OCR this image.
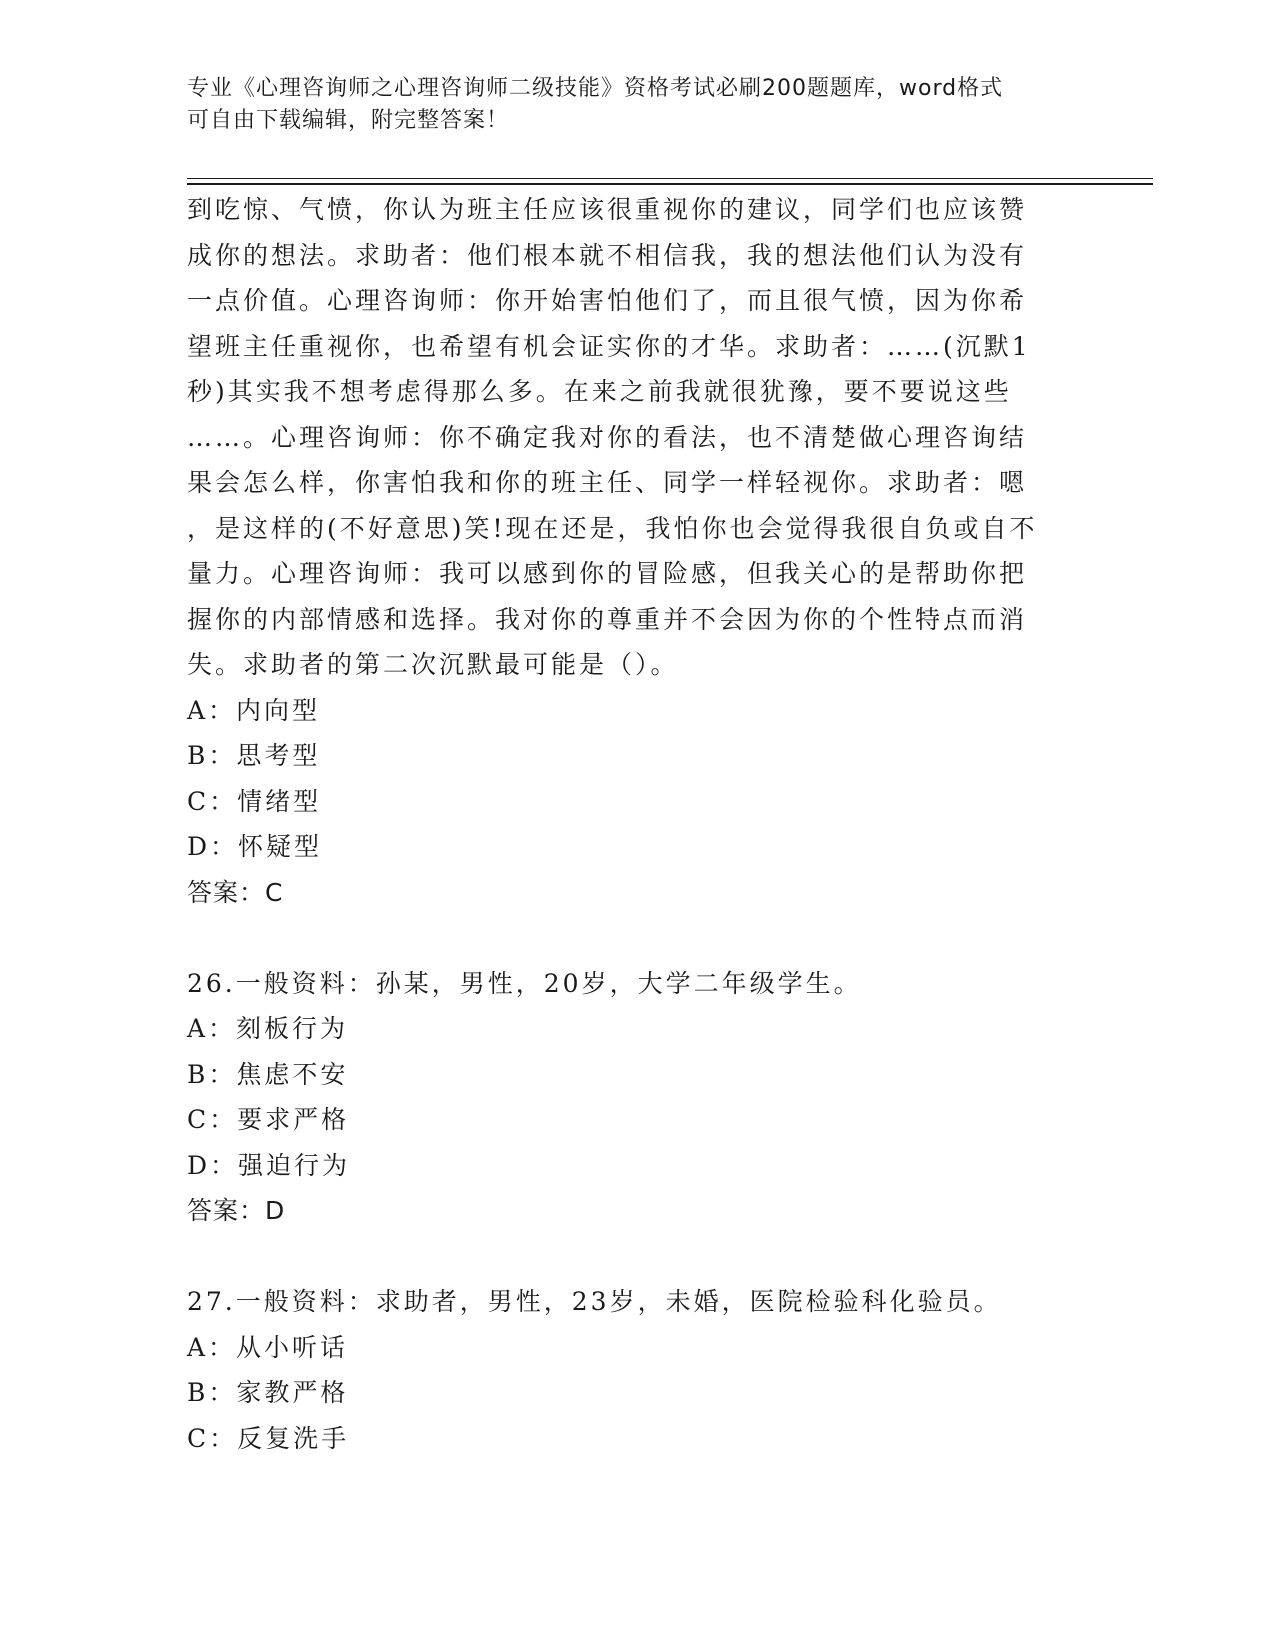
专业《心理咨询师之心理咨询师二级技能》资格考试必刷200题题库，word格式
可自由下载编辑，附完整答案！
到吃惊、气愤，你认为班主任应该很重视你的建议，同学们也应该赞
成你的想法。求助者：他们根本就不相信我，我的想法他们认为没有
一点价值。心理咨询师：你开始害怕他们了，而且很气愤，因为你希
望班主任重视你，也希望有机会证实你的才华。求助者：……(沉默1
秒)其实我不想考虑得那么多。在来之前我就很犹豫，要不要说这些
……。心理咨询师：你不确定我对你的看法，也不清楚做心理咨询结
果会怎么样，你害怕我和你的班主任、同学一样轻视你。求助者：嗯
，是这样的(不好意思)笑!现在还是，我怕你也会觉得我很自负或自不
量力。心理咨询师：我可以感到你的冒险感，但我关心的是帮助你把
握你的内部情感和选择。我对你的尊重并不会因为你的个性特点而消
失。求助者的第二次沉默最可能是（）。
A：内向型
B：思考型
C：情绪型
D：怀疑型
答案：C
26.一般资料：孙某，男性，20岁，大学二年级学生。
A：刻板行为
B：焦虑不安
C：要求严格
D：强迫行为
答案：D
27.一般资料：求助者，男性，23岁，未婚，医院检验科化验员。
A：从小听话
B：家教严格
C：反复洗手
